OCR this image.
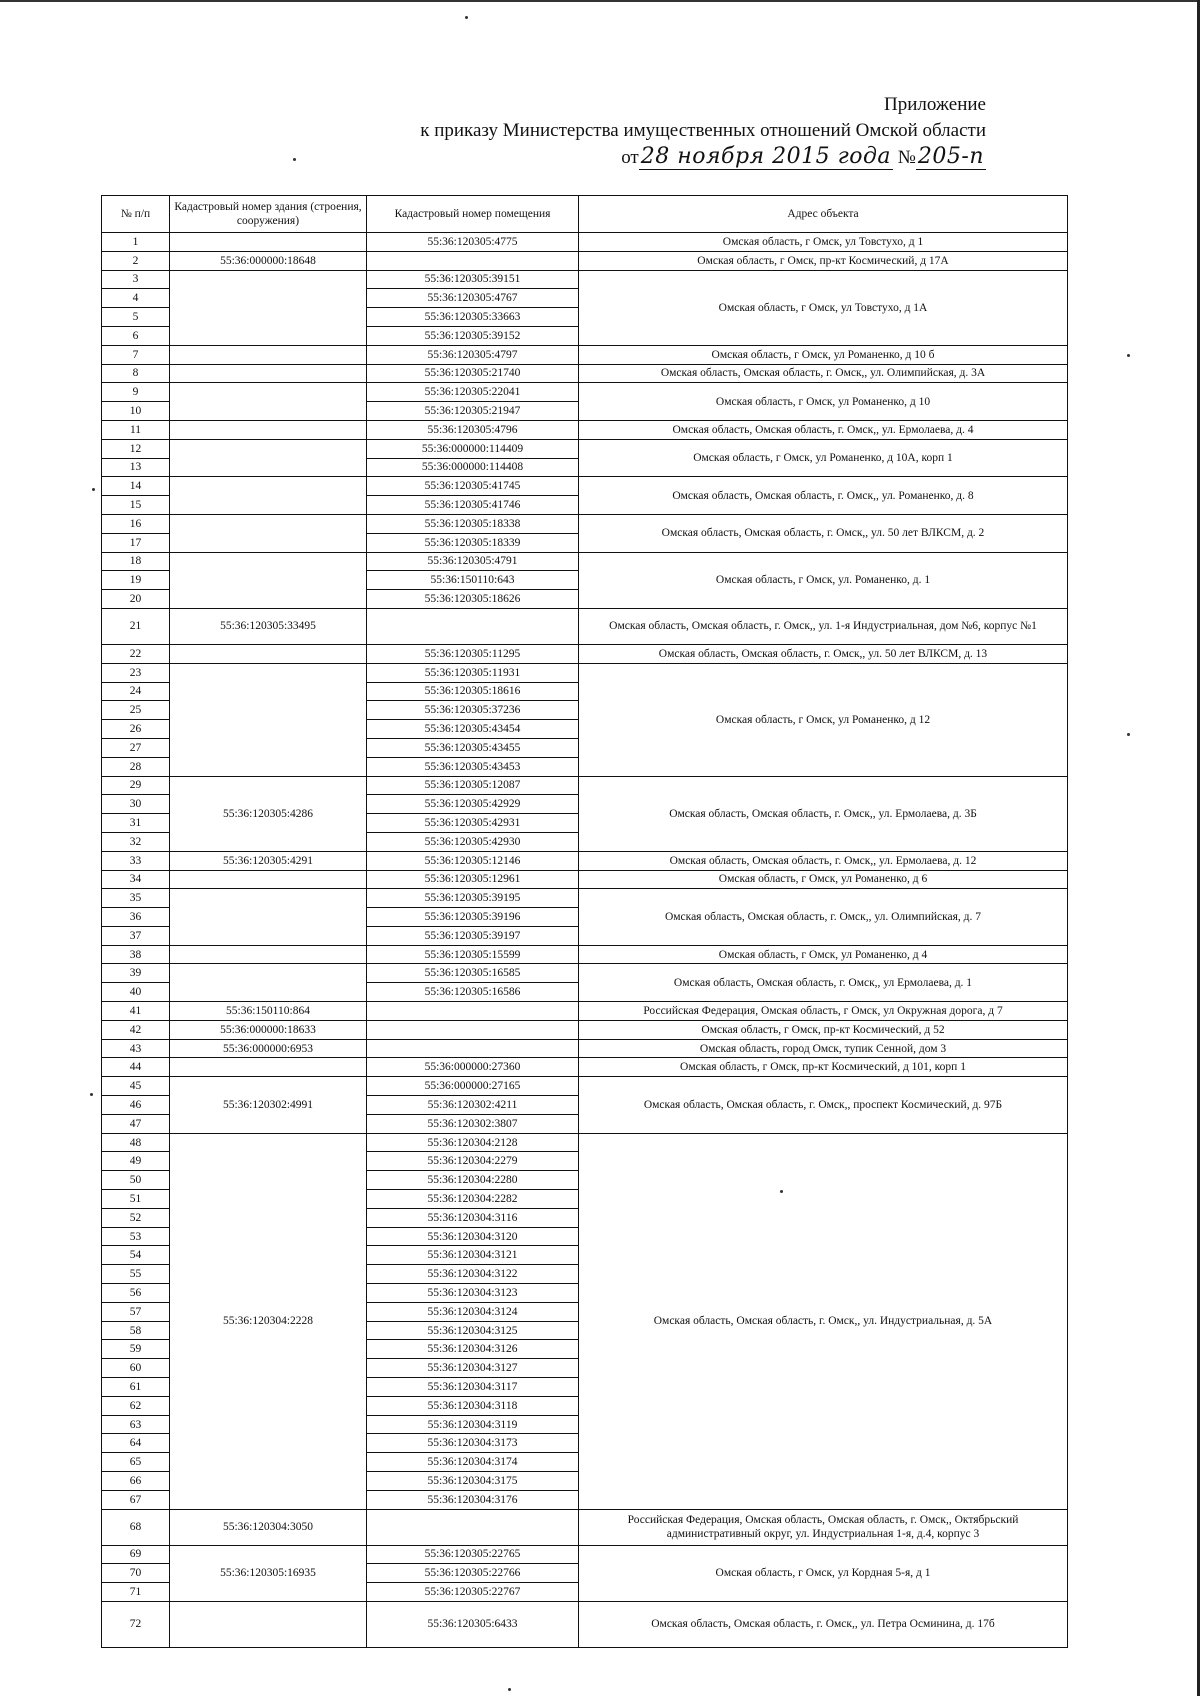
Приложение
к приказу Министерства имущественных отношений Омской области
от28 ноября 2015 года №205-п
№ п/п	Кадастровый номер здания (строения, сооружения)	Кадастровый номер помещения	Адрес объекта
1		55:36:120305:4775	Омская область, г Омск, ул Товстухо, д 1
2	55:36:000000:18648		Омская область, г Омск, пр-кт Космический, д 17А
3		55:36:120305:39151	Омская область, г Омск, ул Товстухо, д 1А
4		55:36:120305:4767	
5		55:36:120305:33663	
6		55:36:120305:39152	
7		55:36:120305:4797	Омская область, г Омск, ул Романенко, д 10 б
8		55:36:120305:21740	Омская область, Омская область, г. Омск,, ул. Олимпийская, д. 3А
9		55:36:120305:22041	Омская область, г Омск, ул Романенко, д 10
10		55:36:120305:21947	
11		55:36:120305:4796	Омская область, Омская область, г. Омск,, ул. Ермолаева, д. 4
12		55:36:000000:114409	Омская область, г Омск, ул Романенко, д 10А, корп 1
13		55:36:000000:114408	
14		55:36:120305:41745	Омская область, Омская область, г. Омск,, ул. Романенко, д. 8
15		55:36:120305:41746	
16		55:36:120305:18338	Омская область, Омская область, г. Омск,, ул. 50 лет ВЛКСМ, д. 2
17		55:36:120305:18339	
18		55:36:120305:4791	Омская область, г Омск, ул. Романенко, д. 1
19		55:36:150110:643	
20		55:36:120305:18626	
21	55:36:120305:33495		Омская область, Омская область, г. Омск,, ул. 1-я Индустриальная, дом №6, корпус №1
22		55:36:120305:11295	Омская область, Омская область, г. Омск,, ул. 50 лет ВЛКСМ, д. 13
23		55:36:120305:11931	Омская область, г Омск, ул Романенко, д 12
24		55:36:120305:18616	
25		55:36:120305:37236	
26		55:36:120305:43454	
27		55:36:120305:43455	
28		55:36:120305:43453	
29	55:36:120305:4286	55:36:120305:12087	Омская область, Омская область, г. Омск,, ул. Ермолаева, д. 3Б
30		55:36:120305:42929	
31		55:36:120305:42931	
32		55:36:120305:42930	
33	55:36:120305:4291	55:36:120305:12146	Омская область, Омская область, г. Омск,, ул. Ермолаева, д. 12
34		55:36:120305:12961	Омская область, г Омск, ул Романенко, д 6
35		55:36:120305:39195	Омская область, Омская область, г. Омск,, ул. Олимпийская, д. 7
36		55:36:120305:39196	
37		55:36:120305:39197	
38		55:36:120305:15599	Омская область, г Омск, ул Романенко, д 4
39		55:36:120305:16585	Омская область, Омская область, г. Омск,, ул Ермолаева, д. 1
40		55:36:120305:16586	
41	55:36:150110:864		Российская Федерация, Омская область, г Омск, ул Окружная дорога, д 7
42	55:36:000000:18633		Омская область, г Омск, пр-кт Космический, д 52
43	55:36:000000:6953		Омская область, город Омск, тупик Сенной, дом 3
44		55:36:000000:27360	Омская область, г Омск, пр-кт Космический, д 101, корп 1
45	55:36:120302:4991	55:36:000000:27165	Омская область, Омская область, г. Омск,, проспект Космический, д. 97Б
46		55:36:120302:4211	
47		55:36:120302:3807	
48	55:36:120304:2228	55:36:120304:2128	Омская область, Омская область, г. Омск,, ул. Индустриальная, д. 5А
49		55:36:120304:2279	
50		55:36:120304:2280	
51		55:36:120304:2282	
52		55:36:120304:3116	
53		55:36:120304:3120	
54		55:36:120304:3121	
55		55:36:120304:3122	
56		55:36:120304:3123	
57		55:36:120304:3124	
58		55:36:120304:3125	
59		55:36:120304:3126	
60		55:36:120304:3127	
61		55:36:120304:3117	
62		55:36:120304:3118	
63		55:36:120304:3119	
64		55:36:120304:3173	
65		55:36:120304:3174	
66		55:36:120304:3175	
67		55:36:120304:3176	
68	55:36:120304:3050		Российская Федерация, Омская область, Омская область, г. Омск,, Октябрьский административный округ, ул. Индустриальная 1-я, д.4, корпус 3
69	55:36:120305:16935	55:36:120305:22765	Омская область, г Омск, ул Кордная 5-я, д 1
70		55:36:120305:22766	
71		55:36:120305:22767	
72		55:36:120305:6433	Омская область, Омская область, г. Омск,, ул. Петра Осминина, д. 17б
